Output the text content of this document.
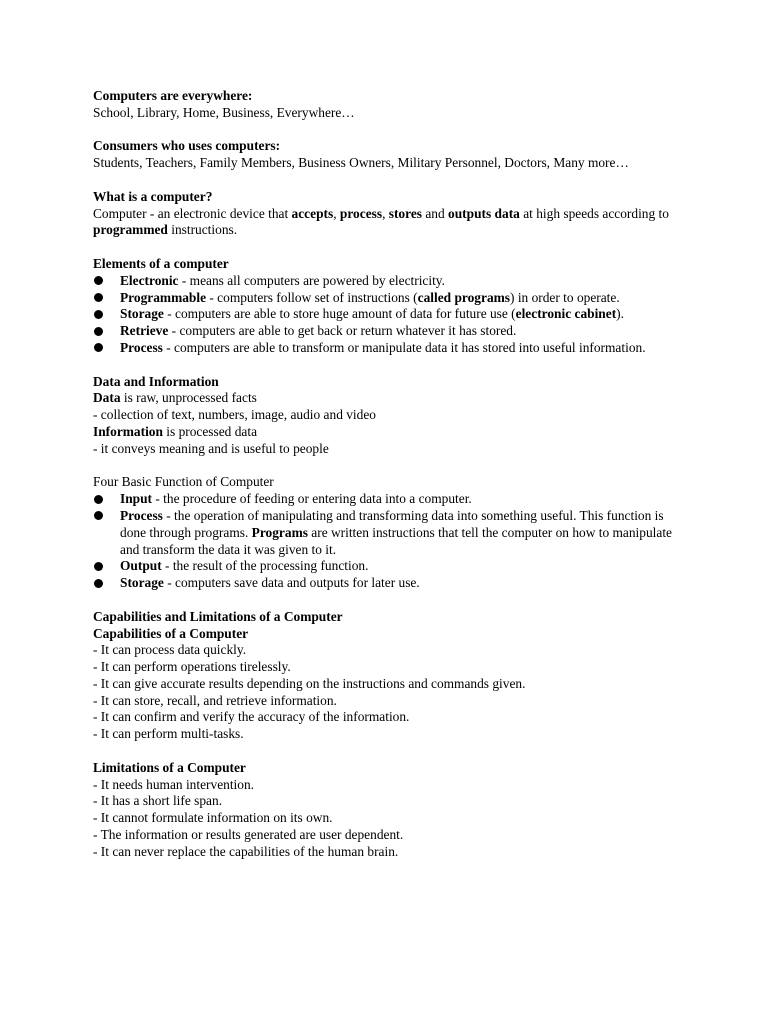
Computers are everywhere:

School, Library, Home, Business, Everywhere…

Consumers who uses computers:

Students, Teachers, Family Members, Business Owners, Military Personnel, Doctors, Many more…

What is a computer?

Computer - an electronic device that accepts, process, stores and outputs data at high speeds according to programmed instructions.

Elements of a computer

Electronic - means all computers are powered by electricity.
Programmable - computers follow set of instructions (called programs) in order to operate.
Storage - computers are able to store huge amount of data for future use (electronic cabinet).
Retrieve - computers are able to get back or return whatever it has stored.
Process - computers are able to transform or manipulate data it has stored into useful information.

Data and Information

Data is raw, unprocessed facts

- collection of text, numbers, image, audio and video

Information is processed data

- it conveys meaning and is useful to people

Four Basic Function of Computer

Input - the procedure of feeding or entering data into a computer.
Process - the operation of manipulating and transforming data into something useful. This function is done through programs. Programs are written instructions that tell the computer on how to manipulate and transform the data it was given to it.
Output - the result of the processing function.
Storage - computers save data and outputs for later use.

Capabilities and Limitations of a Computer

Capabilities of a Computer

- It can process data quickly.

- It can perform operations tirelessly.

- It can give accurate results depending on the instructions and commands given.

- It can store, recall, and retrieve information.

- It can confirm and verify the accuracy of the information.

- It can perform multi-tasks.

Limitations of a Computer

- It needs human intervention.

- It has a short life span.

- It cannot formulate information on its own.

- The information or results generated are user dependent.

- It can never replace the capabilities of the human brain.
